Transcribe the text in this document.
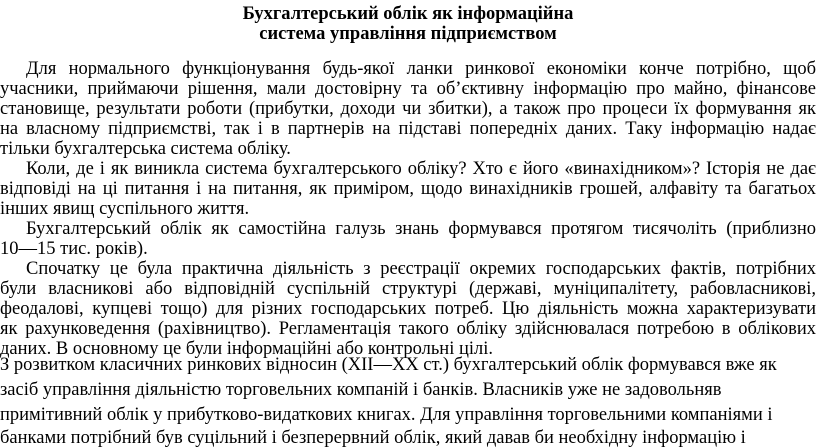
Бухгалтерський облік як інформаційна
система управління підприємством

Для нормального функціонування будь-якої ланки ринкової економіки конче потрібно, щоб

учасники, приймаючи рішення, мали достовірну та об’єктивну інформацію про майно, фінансове

становище, результати роботи (прибутки, доходи чи збитки), а також про процеси їх формування як

на власному підприємстві, так і в партнерів на підставі попередніх даних. Таку інформацію надає

тільки бухгалтерська система обліку.

Коли, де і як виникла система бухгалтерського обліку? Хто є його «винахідником»? Історія не дає

відповіді на ці питання і на питання, як приміром, щодо винахідників грошей, алфавіту та багатьох

інших явищ суспільного життя.

Бухгалтерський облік як самостійна галузь знань формувався протягом тисячоліть (приблизно

10—15 тис. років).

Спочатку це була практична діяльність з реєстрації окремих господарських фактів, потрібних

були власникові або відповідній суспільній структурі (державі, муніципалітету, рабовласникові,

феодалові, купцеві тощо) для різних господарських потреб. Цю діяльність можна характеризувати

як рахунковедення (рахівництво). Регламентація такого обліку здійснювалася потребою в облікових

даних. В основному це були інформаційні або контрольні цілі.

З розвитком класичних ринкових відносин (ХІІ—ХХ ст.) бухгалтерський облік формувався вже як

засіб управління діяльністю торговельних компаній і банків. Власників уже не задовольняв

примітивний облік у прибутково-видаткових книгах. Для управління торговельними компаніями і

банками потрібний був суцільний і безперервний облік, який давав би необхідну інформацію і
